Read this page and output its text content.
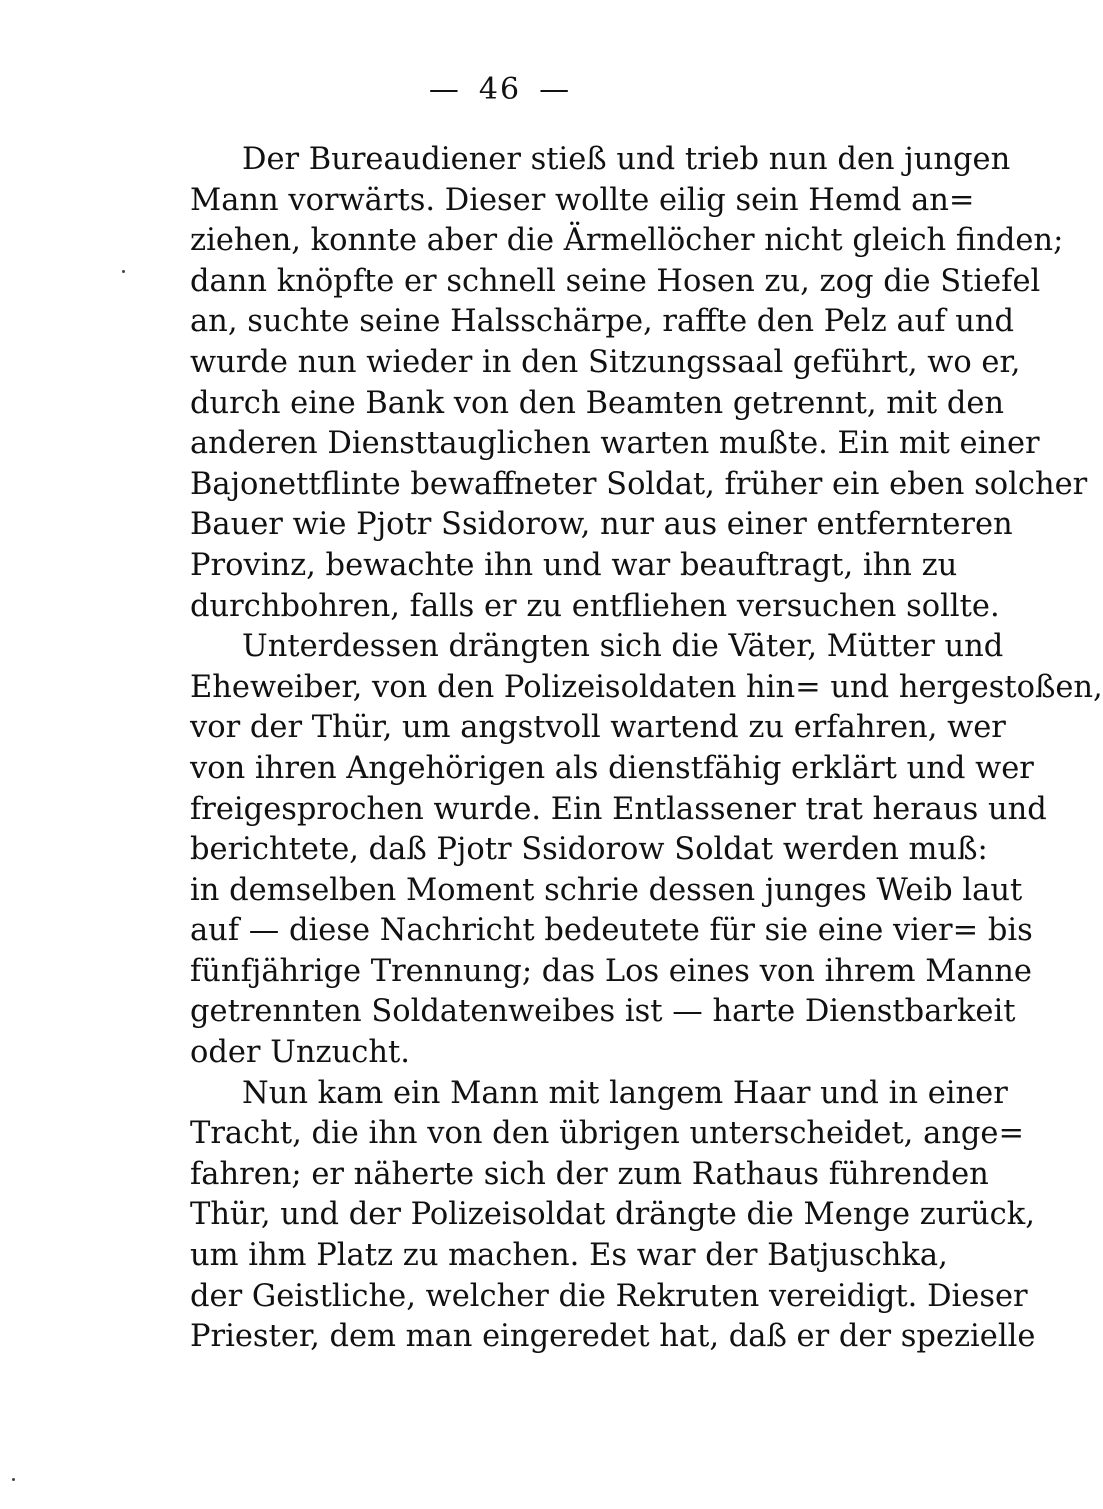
— 46 —
Der Bureaudiener stieß und trieb nun den jungen
Mann vorwärts. Dieser wollte eilig sein Hemd an=
ziehen, konnte aber die Ärmellöcher nicht gleich finden;
dann knöpfte er schnell seine Hosen zu, zog die Stiefel
an, suchte seine Halsschärpe, raffte den Pelz auf und
wurde nun wieder in den Sitzungssaal geführt, wo er,
durch eine Bank von den Beamten getrennt, mit den
anderen Diensttauglichen warten mußte. Ein mit einer
Bajonettflinte bewaffneter Soldat, früher ein eben solcher
Bauer wie Pjotr Ssidorow, nur aus einer entfernteren
Provinz, bewachte ihn und war beauftragt, ihn zu
durchbohren, falls er zu entfliehen versuchen sollte.
Unterdessen drängten sich die Väter, Mütter und
Eheweiber, von den Polizeisoldaten hin= und hergestoßen,
vor der Thür, um angstvoll wartend zu erfahren, wer
von ihren Angehörigen als dienstfähig erklärt und wer
freigesprochen wurde. Ein Entlassener trat heraus und
berichtete, daß Pjotr Ssidorow Soldat werden muß:
in demselben Moment schrie dessen junges Weib laut
auf — diese Nachricht bedeutete für sie eine vier= bis
fünfjährige Trennung; das Los eines von ihrem Manne
getrennten Soldatenweibes ist — harte Dienstbarkeit
oder Unzucht.
Nun kam ein Mann mit langem Haar und in einer
Tracht, die ihn von den übrigen unterscheidet, ange=
fahren; er näherte sich der zum Rathaus führenden
Thür, und der Polizeisoldat drängte die Menge zurück,
um ihm Platz zu machen. Es war der Batjuschka,
der Geistliche, welcher die Rekruten vereidigt. Dieser
Priester, dem man eingeredet hat, daß er der spezielle
